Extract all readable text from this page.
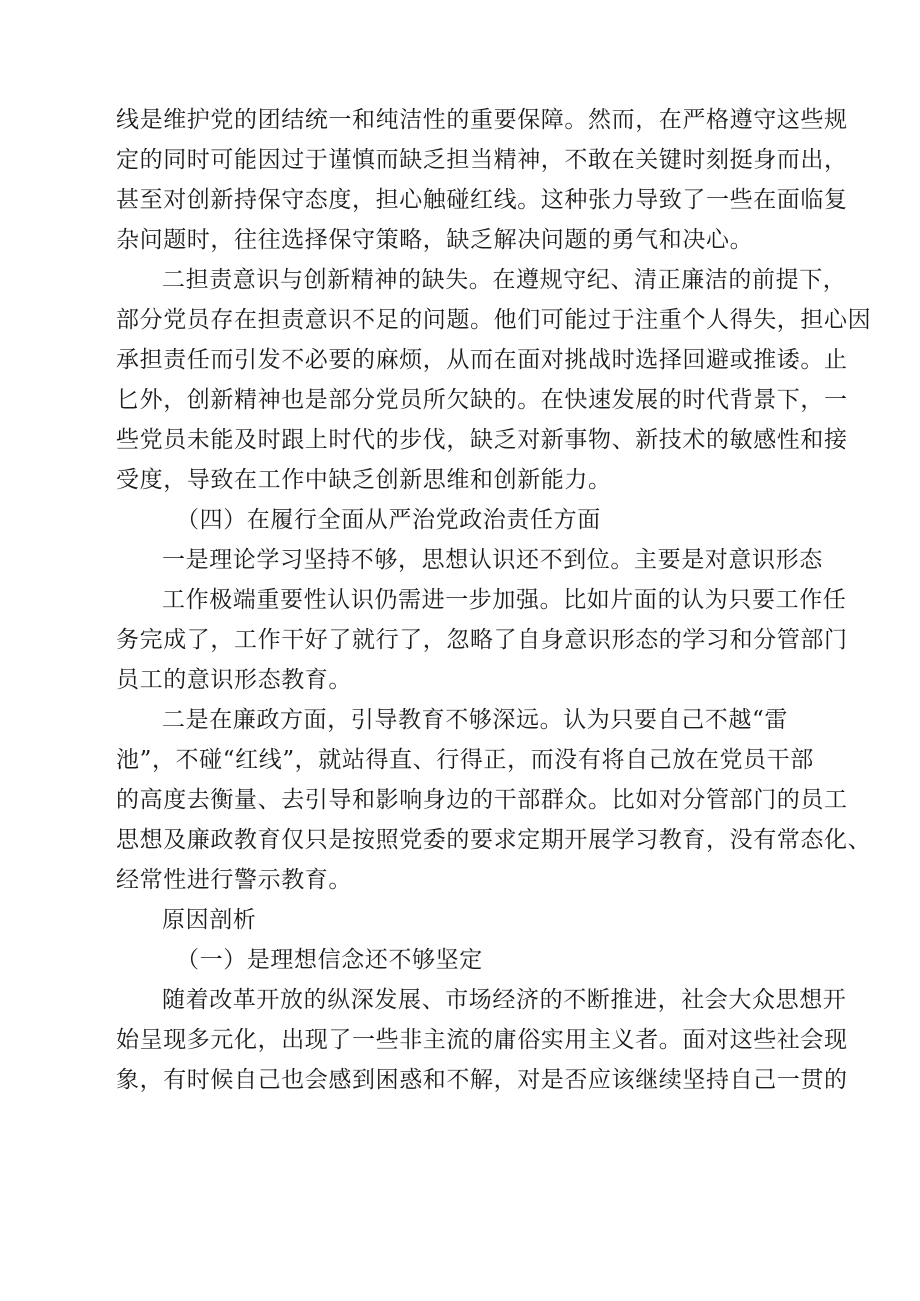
线是维护党的团结统一和纯洁性的重要保障。然而，在严格遵守这些规
定的同时可能因过于谨慎而缺乏担当精神，不敢在关键时刻挺身而出，
甚至对创新持保守态度，担心触碰红线。这种张力导致了一些在面临复
杂问题时，往往选择保守策略，缺乏解决问题的勇气和决心。
二担责意识与创新精神的缺失。在遵规守纪、清正廉洁的前提下，
部分党员存在担责意识不足的问题。他们可能过于注重个人得失，担心因
承担责任而引发不必要的麻烦，从而在面对挑战时选择回避或推诿。止
匕外，创新精神也是部分党员所欠缺的。在快速发展的时代背景下，一
些党员未能及时跟上时代的步伐，缺乏对新事物、新技术的敏感性和接
受度，导致在工作中缺乏创新思维和创新能力。
（四）在履行全面从严治党政治责任方面
一是理论学习坚持不够，思想认识还不到位。主要是对意识形态
工作极端重要性认识仍需进一步加强。比如片面的认为只要工作任
务完成了，工作干好了就行了，忽略了自身意识形态的学习和分管部门
员工的意识形态教育。
二是在廉政方面，引导教育不够深远。认为只要自己不越“雷
池”，不碰“红线”，就站得直、行得正，而没有将自己放在党员干部
的高度去衡量、去引导和影响身边的干部群众。比如对分管部门的员工
思想及廉政教育仅只是按照党委的要求定期开展学习教育，没有常态化、
经常性进行警示教育。
原因剖析
（一）是理想信念还不够坚定
随着改革开放的纵深发展、市场经济的不断推进，社会大众思想开
始呈现多元化，出现了一些非主流的庸俗实用主义者。面对这些社会现
象，有时候自己也会感到困惑和不解，对是否应该继续坚持自己一贯的
